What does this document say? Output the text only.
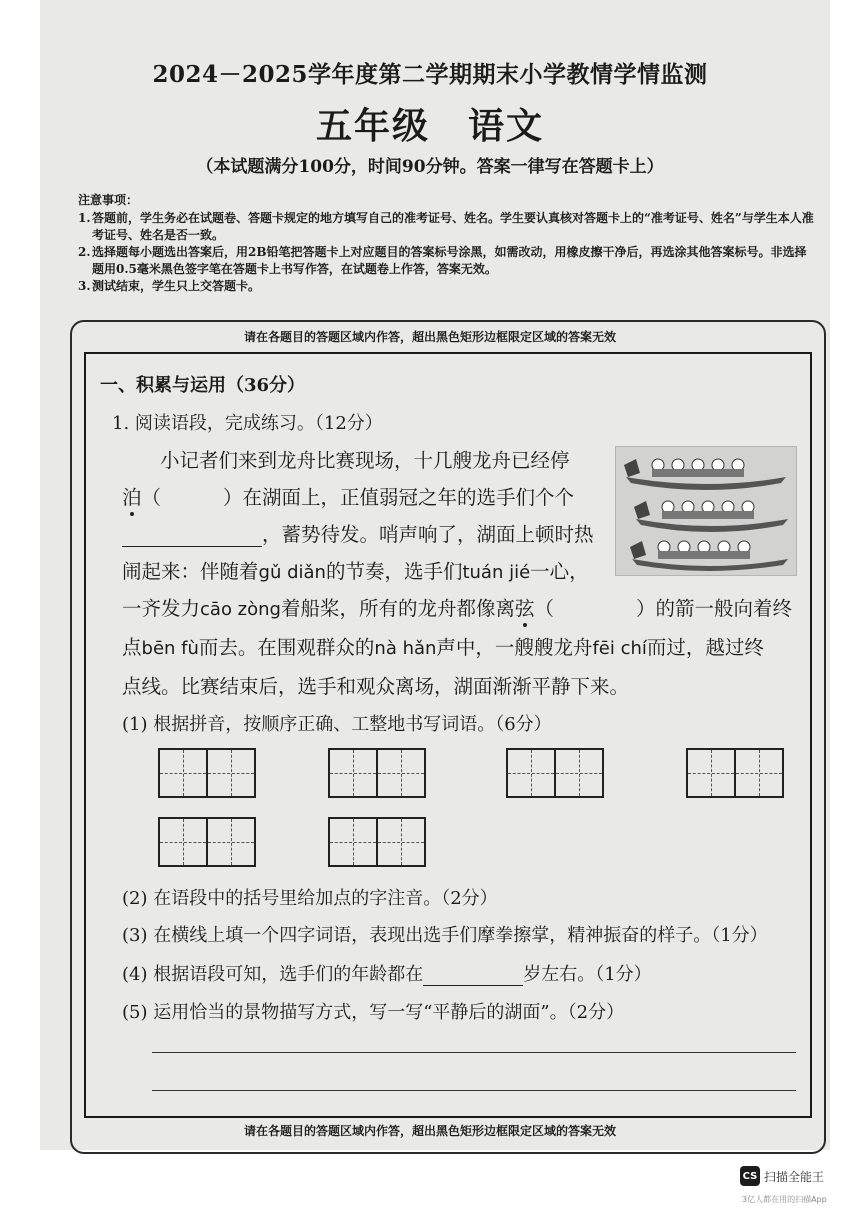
2024－2025学年度第二学期期末小学教情学情监测
五年级　语文
（本试题满分100分，时间90分钟。答案一律写在答题卡上）
注意事项：
1. 答题前，学生务必在试题卷、答题卡规定的地方填写自己的准考证号、姓名。学生要认真核对答题卡上的“准考证号、姓名”与学生本人准考证号、姓名是否一致。
2. 选择题每小题选出答案后，用2B铅笔把答题卡上对应题目的答案标号涂黑，如需改动，用橡皮擦干净后，再选涂其他答案标号。非选择题用0.5毫米黑色签字笔在答题卡上书写作答，在试题卷上作答，答案无效。
3. 测试结束，学生只上交答题卡。
请在各题目的答题区域内作答，超出黑色矩形边框限定区域的答案无效
一、积累与运用（36分）
1. 阅读语段，完成练习。（12分）
小记者们来到龙舟比赛现场，十几艘龙舟已经停
泊（	）在湖面上，正值弱冠之年的选手们个个
，蓄势待发。哨声响了，湖面上顿时热
闹起来：伴随着gǔ diǎn的节奏，选手们tuán jié一心，
一齐发力cāo zòng着船桨，所有的龙舟都像离弦（	）的箭一般向着终
点bēn fù而去。在围观群众的nà hǎn声中，一艘艘龙舟fēi chí而过，越过终
点线。比赛结束后，选手和观众离场，湖面渐渐平静下来。
(1) 根据拼音，按顺序正确、工整地书写词语。（6分）
(2) 在语段中的括号里给加点的字注音。（2分）
(3) 在横线上填一个四字词语，表现出选手们摩拳擦掌，精神振奋的样子。（1分）
(4) 根据语段可知，选手们的年龄都在	岁左右。（1分）
(5) 运用恰当的景物描写方式，写一写“平静后的湖面”。（2分）
请在各题目的答题区域内作答，超出黑色矩形边框限定区域的答案无效
CS 扫描全能王
3亿人都在用的扫描App
